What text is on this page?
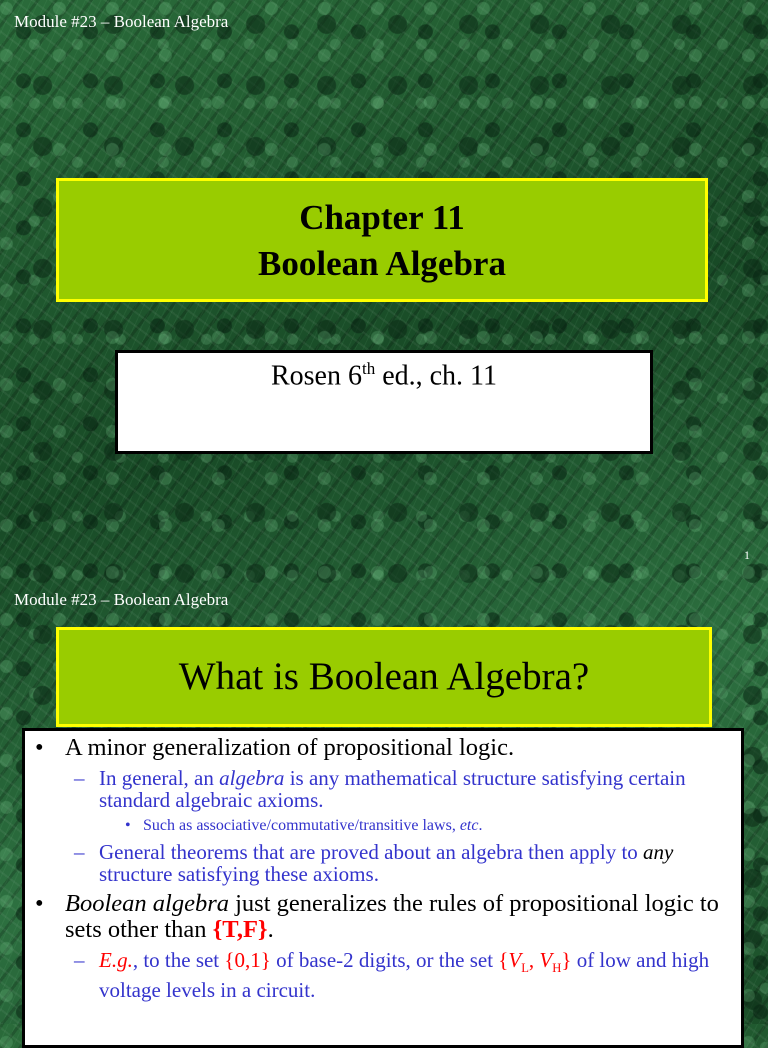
Module #23 – Boolean Algebra
Chapter 11
Boolean Algebra
Rosen 6th ed., ch. 11
1
Module #23 – Boolean Algebra
What is Boolean Algebra?
• A minor generalization of propositional logic.
– In general, an algebra is any mathematical structure satisfying certain standard algebraic axioms.
• Such as associative/commutative/transitive laws, etc.
– General theorems that are proved about an algebra then apply to any structure satisfying these axioms.
• Boolean algebra just generalizes the rules of propositional logic to sets other than {T,F}.
– E.g., to the set {0,1} of base-2 digits, or the set {$V_L$, $V_H$} of low and high voltage levels in a circuit.
